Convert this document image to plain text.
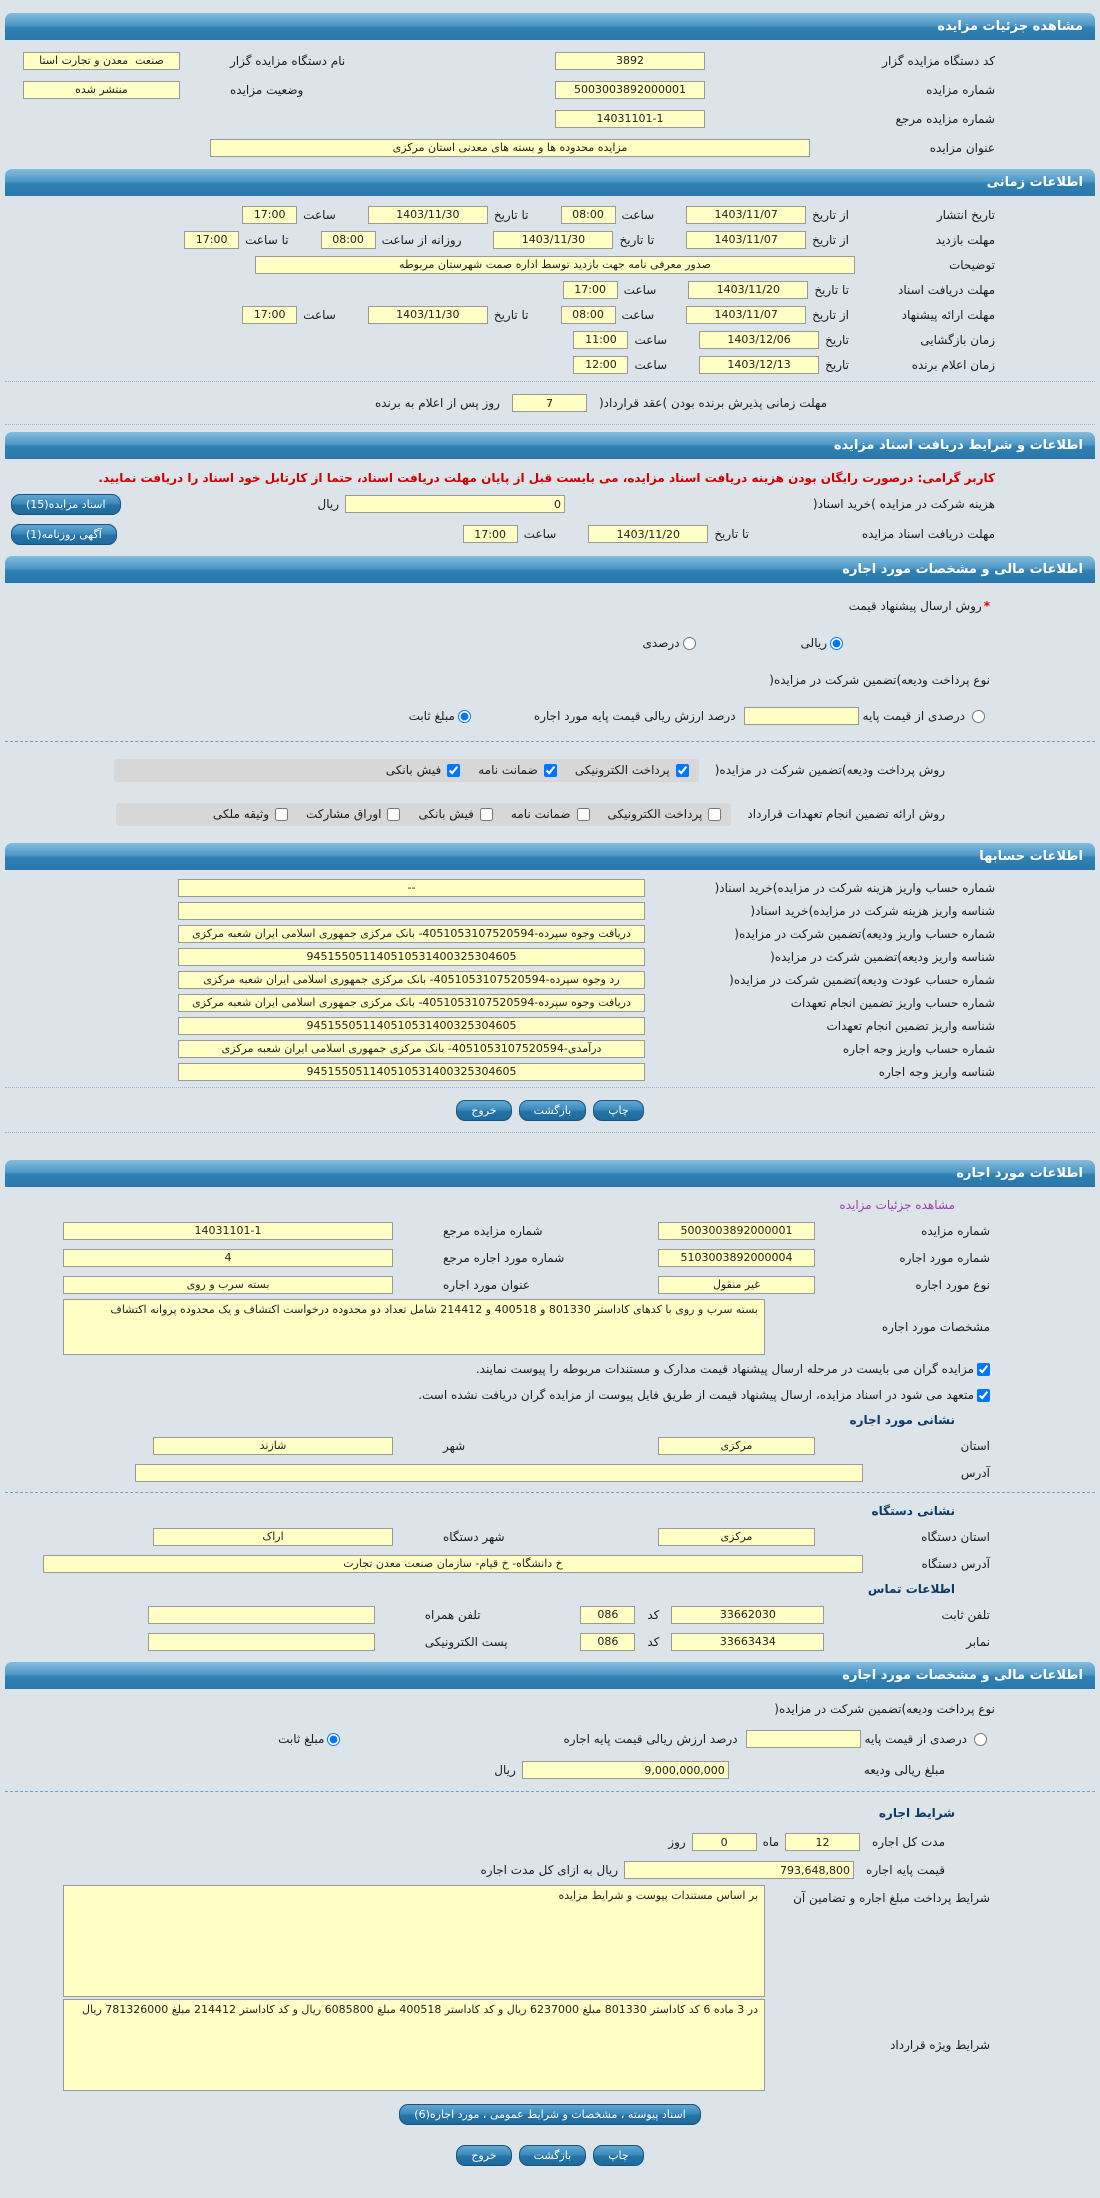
مشاهده جزئیات مزایده
کد دستگاه مزایده گزار
3892
نام دستگاه مزایده گزار
صنعت معدن و تجارت استا
شماره مزایده
5003003892000001
وضعیت مزایده
منتشر شده
شماره مزایده مرجع
14031101-1
عنوان مزایده
مزایده محدوده ها و بسته های معدنی استان مرکزی
اطلاعات زمانی
تاریخ انتشار
از تاریخ
1403/11/07
ساعت
08:00
تا تاریخ
1403/11/30
ساعت
17:00
مهلت بازدید
از تاریخ
1403/11/07
تا تاریخ
1403/11/30
روزانه از ساعت
08:00
تا ساعت
17:00
توضیحات
صدور معرفی نامه جهت بازدید توسط اداره صمت شهرستان مربوطه
مهلت دریافت اسناد
تا تاریخ
1403/11/20
ساعت
17:00
مهلت ارائه پیشنهاد
از تاریخ
1403/11/07
ساعت
08:00
تا تاریخ
1403/11/30
ساعت
17:00
زمان بازگشایی
تاریخ
1403/12/06
ساعت
11:00
زمان اعلام برنده
تاریخ
1403/12/13
ساعت
12:00
مهلت زمانی پذیرش برنده بودن )عقد قرارداد(
7
روز پس از اعلام به برنده
اطلاعات و شرایط دریافت اسناد مزایده
کاربر گرامی: درصورت رایگان بودن هزینه دریافت اسناد مزایده، می بایست قبل از پایان مهلت دریافت اسناد، حتما از کارتابل خود اسناد را دریافت نمایید.
هزینه شرکت در مزایده )خرید اسناد(
0
ریال
اسناد مزایده(15)
مهلت دریافت اسناد مزایده
تا تاریخ
1403/11/20
ساعت
17:00
آگهی روزنامه(1)
اطلاعات مالی و مشخصات مورد اجاره
*
روش ارسال پیشنهاد قیمت
ریالی
درصدی
نوع پرداخت ودیعه)تضمین شرکت در مزایده(
درصدی از قیمت پایه
درصد ارزش ریالی قیمت پایه مورد اجاره
مبلغ ثابت
روش پرداخت ودیعه)تضمین شرکت در مزایده(
پرداخت الکترونیکی
ضمانت نامه
فیش بانکی
روش ارائه تضمین انجام تعهدات قرارداد
پرداخت الکترونیکی
ضمانت نامه
فیش بانکی
اوراق مشارکت
وثیقه ملکی
اطلاعات حسابها
شماره حساب واریز هزینه شرکت در مزایده)خرید اسناد(
--
شناسه واریز هزینه شرکت در مزایده)خرید اسناد(
شماره حساب واریز ودیعه)تضمین شرکت در مزایده(
دریافت وجوه سپرده-4051053107520594- بانک مرکزی جمهوری اسلامی ایران شعبه مرکزی
شناسه واریز ودیعه)تضمین شرکت در مزایده(
945155051140510531400325304605
شماره حساب عودت ودیعه)تضمین شرکت در مزایده(
رد وجوه سپرده-4051053107520594- بانک مرکزی جمهوری اسلامی ایران شعبه مرکزی
شماره حساب واریز تضمین انجام تعهدات
دریافت وجوه سپرده-4051053107520594- بانک مرکزی جمهوری اسلامی ایران شعبه مرکزی
شناسه واریز تضمین انجام تعهدات
945155051140510531400325304605
شماره حساب واریز وجه اجاره
درآمدی-4051053107520594- بانک مرکزی جمهوری اسلامی ایران شعبه مرکزی
شناسه واریز وجه اجاره
945155051140510531400325304605
چاپ
بازگشت
خروج
اطلاعات مورد اجاره
مشاهده جزئیات مزایده
شماره مزایده
5003003892000001
شماره مزایده مرجع
14031101-1
شماره مورد اجاره
5103003892000004
شماره مورد اجاره مرجع
4
نوع مورد اجاره
غیر منقول
عنوان مورد اجاره
بسته سرب و روی
مشخصات مورد اجاره
بسته سرب و روی با کدهای کاداستر 801330 و 400518 و 214412 شامل تعداد دو محدوده درخواست اکتشاف و یک محدوده پروانه اکتشاف
مزایده گران می بایست در مرحله ارسال پیشنهاد قیمت مدارک و مستندات مربوطه را پیوست نمایند.
متعهد می شود در اسناد مزایده، ارسال پیشنهاد قیمت از طریق فایل پیوست از مزایده گران دریافت نشده است.
نشانی مورد اجاره
استان
مرکزی
شهر
شازند
آدرس
نشانی دستگاه
استان دستگاه
مرکزی
شهر دستگاه
اراک
آدرس دستگاه
خ دانشگاه- خ قیام- سازمان صنعت معدن تجارت
اطلاعات تماس
تلفن ثابت
33662030
کد
086
تلفن همراه
نمابر
33663434
کد
086
پست الکترونیکی
اطلاعات مالی و مشخصات مورد اجاره
نوع پرداخت ودیعه)تضمین شرکت در مزایده(
درصدی از قیمت پایه
درصد ارزش ریالی قیمت پایه اجاره
مبلغ ثابت
مبلغ ریالی ودیعه
9,000,000,000
ریال
شرایط اجاره
مدت کل اجاره
12
ماه
0
روز
قیمت پایه اجاره
793,648,800
ریال به ازای کل مدت اجاره
شرایط پرداخت مبلغ اجاره و تضامین آن
بر اساس مستندات پیوست و شرایط مزایده
شرایط ویژه قرارداد
در 3 ماده 6 کد کاداستر 801330 مبلغ 6237000 ریال و کد کاداستر 400518 مبلغ 6085800 ریال و کد کاداستر 214412 مبلغ 781326000 ریال
اسناد پیوسته ، مشخصات و شرایط عمومی ، مورد اجاره(6)
چاپ
بازگشت
خروج
